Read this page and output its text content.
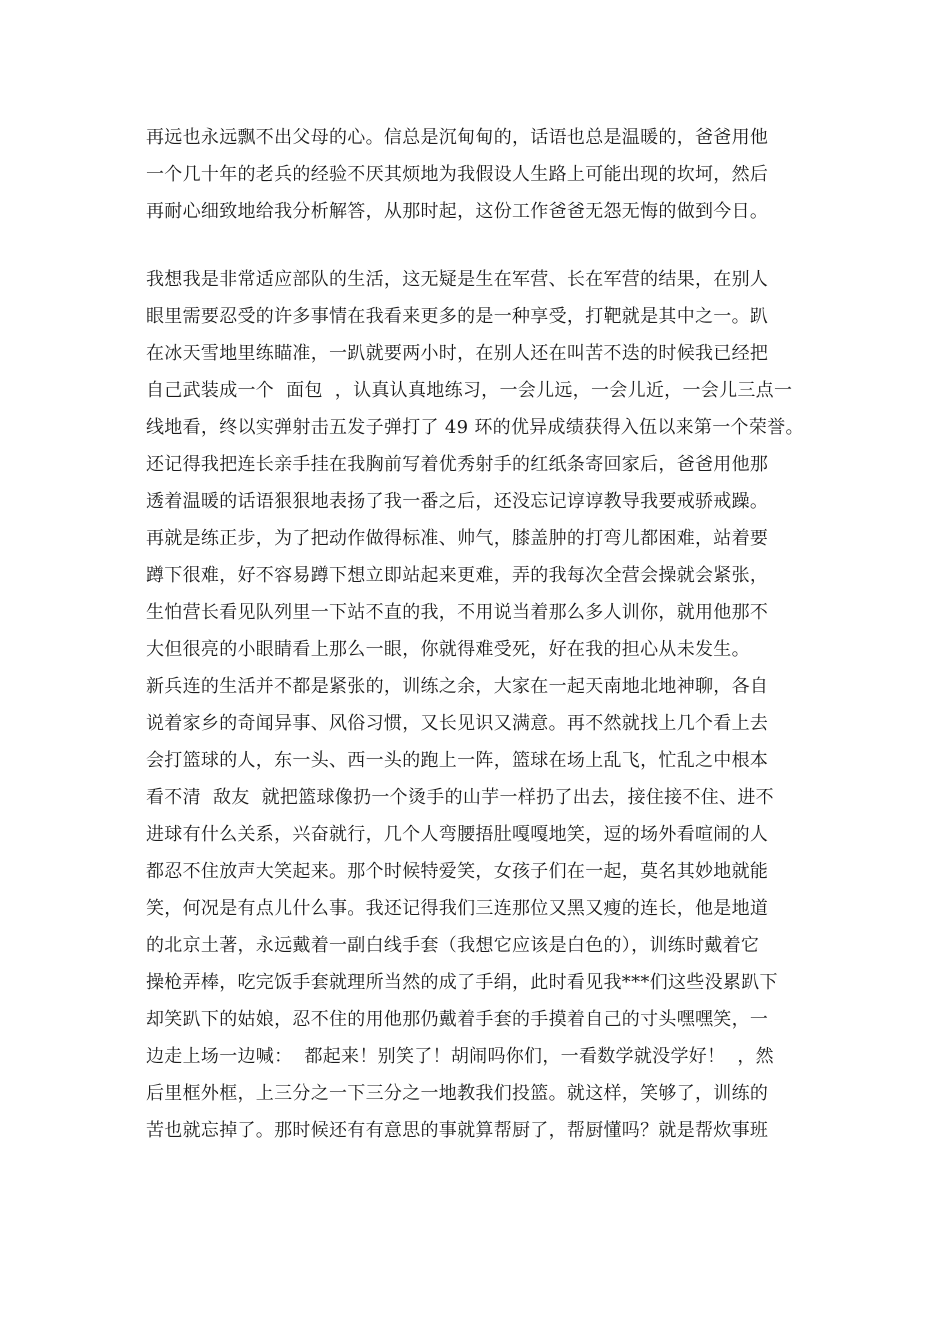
再远也永远飘不出父母的心。信总是沉甸甸的，话语也总是温暖的，爸爸用他
一个几十年的老兵的经验不厌其烦地为我假设人生路上可能出现的坎坷，然后
再耐心细致地给我分析解答，从那时起，这份工作爸爸无怨无悔的做到今日。
我想我是非常适应部队的生活，这无疑是生在军营、长在军营的结果，在别人
眼里需要忍受的许多事情在我看来更多的是一种享受，打靶就是其中之一。趴
在冰天雪地里练瞄准，一趴就要两小时，在别人还在叫苦不迭的时候我已经把
自己武装成一个  面包  ，认真认真地练习，一会儿远，一会儿近，一会儿三点一
线地看，终以实弹射击五发子弹打了 49 环的优异成绩获得入伍以来第一个荣誉。
还记得我把连长亲手挂在我胸前写着优秀射手的红纸条寄回家后，爸爸用他那
透着温暖的话语狠狠地表扬了我一番之后，还没忘记谆谆教导我要戒骄戒躁。
再就是练正步，为了把动作做得标准、帅气，膝盖肿的打弯儿都困难，站着要
蹲下很难，好不容易蹲下想立即站起来更难，弄的我每次全营会操就会紧张，
生怕营长看见队列里一下站不直的我，不用说当着那么多人训你，就用他那不
大但很亮的小眼睛看上那么一眼，你就得难受死，好在我的担心从未发生。
新兵连的生活并不都是紧张的，训练之余，大家在一起天南地北地神聊，各自
说着家乡的奇闻异事、风俗习惯，又长见识又满意。再不然就找上几个看上去
会打篮球的人，东一头、西一头的跑上一阵，篮球在场上乱飞，忙乱之中根本
看不清  敌友  就把篮球像扔一个烫手的山芋一样扔了出去，接住接不住、进不
进球有什么关系，兴奋就行，几个人弯腰捂肚嘎嘎地笑，逗的场外看喧闹的人
都忍不住放声大笑起来。那个时候特爱笑，女孩子们在一起，莫名其妙地就能
笑，何况是有点儿什么事。我还记得我们三连那位又黑又瘦的连长，他是地道
的北京土著，永远戴着一副白线手套（我想它应该是白色的），训练时戴着它
操枪弄棒，吃完饭手套就理所当然的成了手绢，此时看见我***们这些没累趴下
却笑趴下的姑娘，忍不住的用他那仍戴着手套的手摸着自己的寸头嘿嘿笑，一
边走上场一边喊：  都起来！别笑了！胡闹吗你们，一看数学就没学好！  ，然
后里框外框，上三分之一下三分之一地教我们投篮。就这样，笑够了，训练的
苦也就忘掉了。那时候还有有意思的事就算帮厨了，帮厨懂吗？就是帮炊事班
